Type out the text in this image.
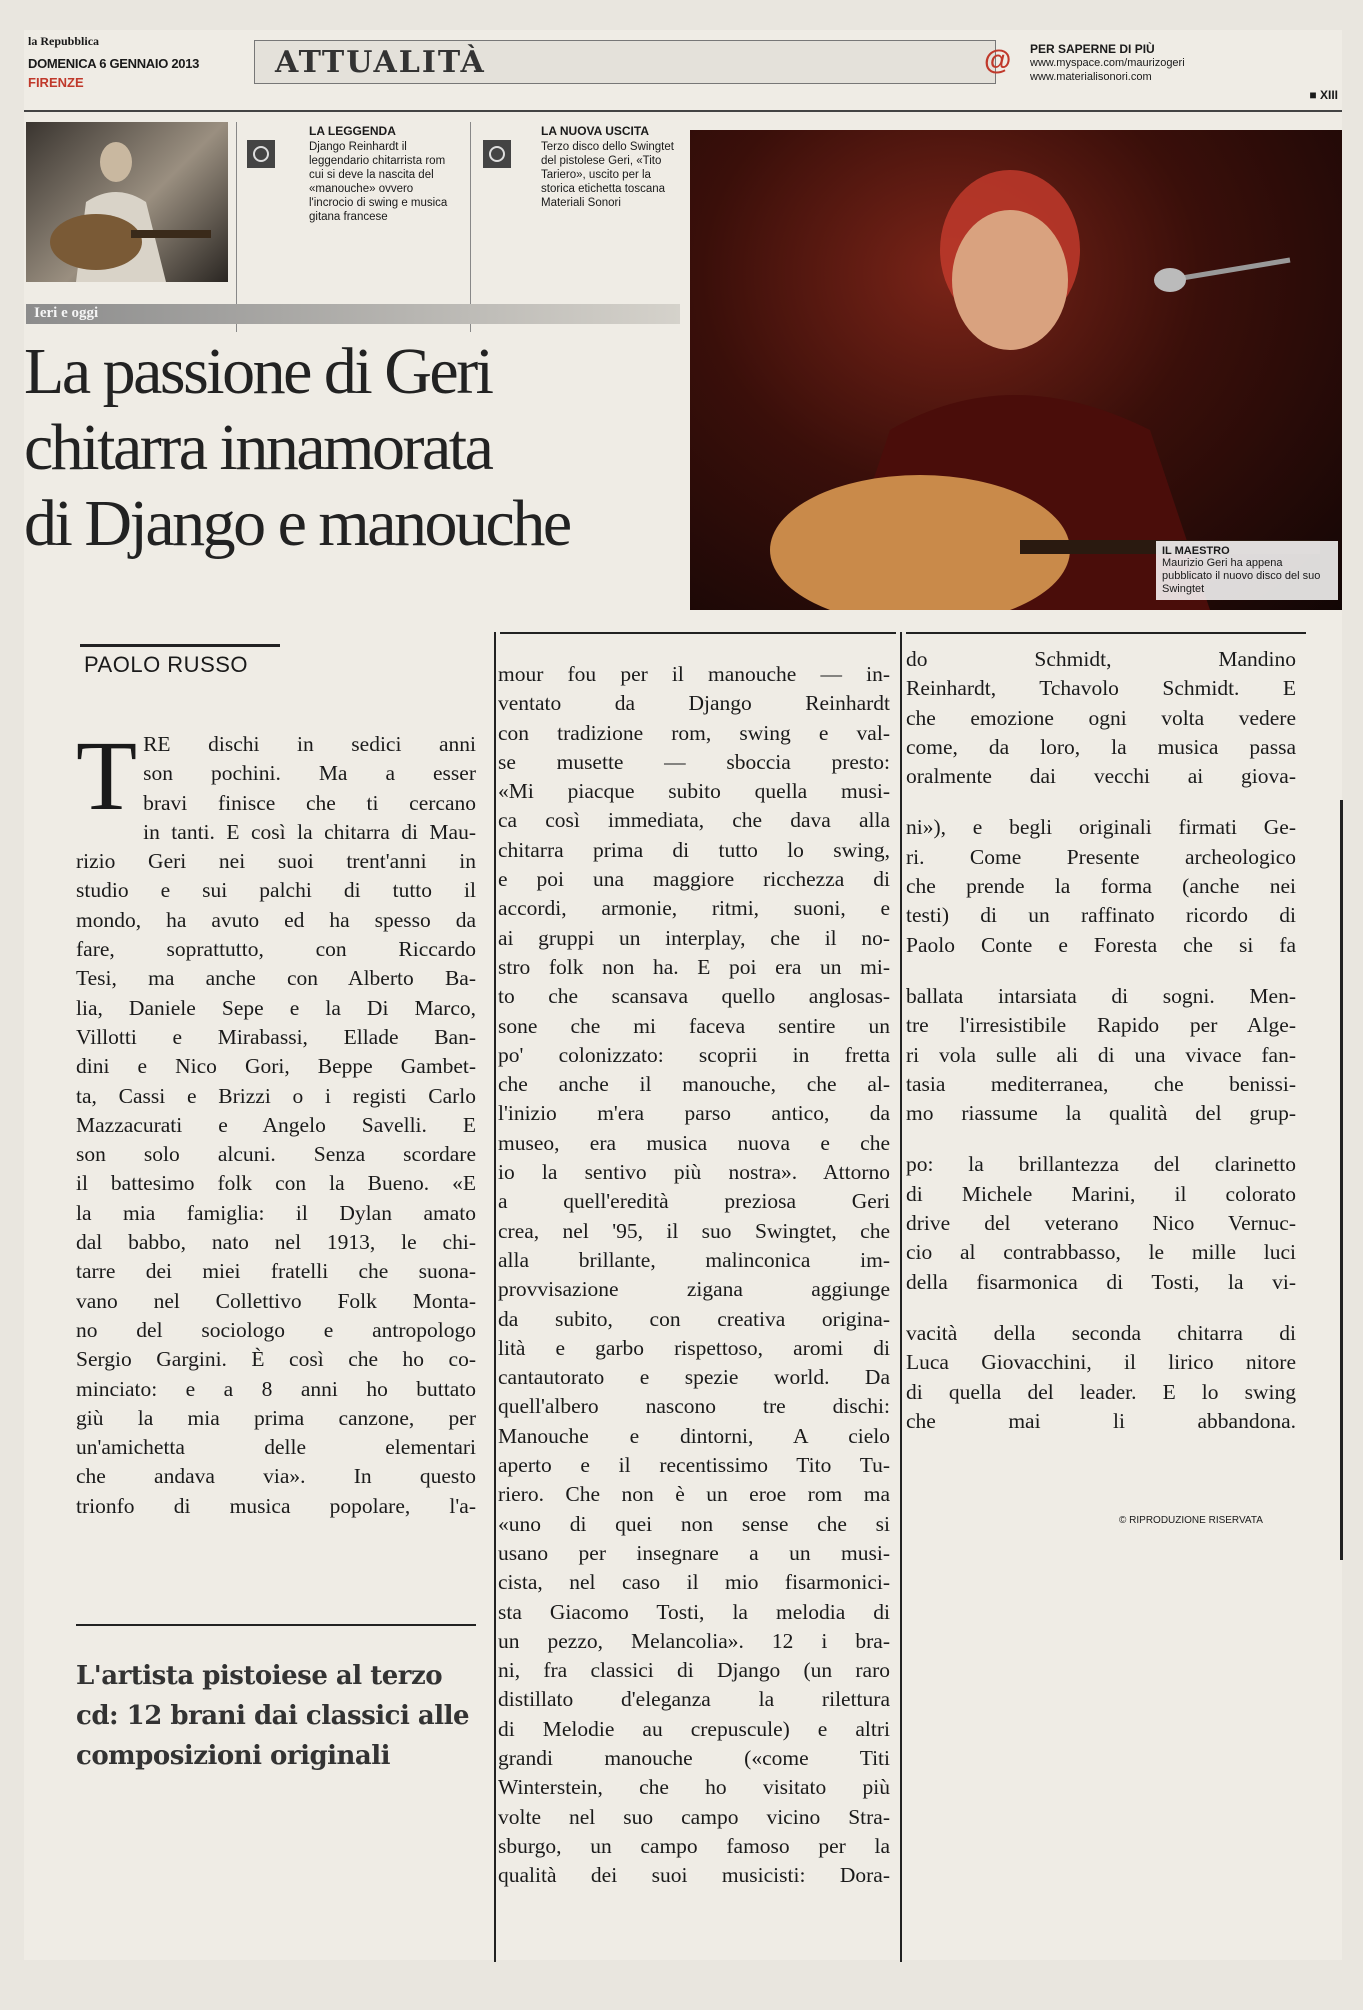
la Repubblica
DOMENICA 6 GENNAIO 2013
FIRENZE
ATTUALITÀ	@ PER SAPERNE DI PIÙ
www.myspace.com/maurizogeri
www.materialisonori.com
■ XIII
LA LEGGENDA
Django Reinhardt il leggendario chitarrista rom cui si deve la nascita del «manouche» ovvero l'incrocio di swing e musica gitana francese
LA NUOVA USCITA
Terzo disco dello Swingtet del pistolese Geri, «Tito Tariero», uscito per la storica etichetta toscana Materiali Sonori
IL MAESTRO
Maurizio Geri ha appena pubblicato il nuovo disco del suo Swingtet
Ieri e oggi
La passione di Geri
chitarra innamorata
di Django e manouche
PAOLO RUSSO
T RE dischi in sedici anni
son pochini. Ma a esser
bravi finisce che ti cercano
in tanti. E così la chitarra di Mau-
rizio Geri nei suoi trent'anni in
studio e sui palchi di tutto il
mondo, ha avuto ed ha spesso da
fare, soprattutto, con Riccardo
Tesi, ma anche con Alberto Ba-
lia, Daniele Sepe e la Di Marco,
Villotti e Mirabassi, Ellade Ban-
dini e Nico Gori, Beppe Gambet-
ta, Cassi e Brizzi o i registi Carlo
Mazzacurati e Angelo Savelli. E
son solo alcuni. Senza scordare
il battesimo folk con la Bueno. «E
la mia famiglia: il Dylan amato
dal babbo, nato nel 1913, le chi-
tarre dei miei fratelli che suona-
vano nel Collettivo Folk Monta-
no del sociologo e antropologo
Sergio Gargini. È così che ho co-
minciato: e a 8 anni ho buttato
giù la mia prima canzone, per
un'amichetta delle elementari
che andava via». In questo
trionfo di musica popolare, l'a-
L'artista pistoiese al terzo cd: 12 brani dai classici alle composizioni originali
mour fou per il manouche — in-
ventato da Django Reinhardt
con tradizione rom, swing e val-
se musette — sboccia presto:
«Mi piacque subito quella musi-
ca così immediata, che dava alla
chitarra prima di tutto lo swing,
e poi una maggiore ricchezza di
accordi, armonie, ritmi, suoni, e
ai gruppi un interplay, che il no-
stro folk non ha. E poi era un mi-
to che scansava quello anglosas-
sone che mi faceva sentire un
po' colonizzato: scoprii in fretta
che anche il manouche, che al-
l'inizio m'era parso antico, da
museo, era musica nuova e che
io la sentivo più nostra». Attorno
a quell'eredità preziosa Geri
crea, nel '95, il suo Swingtet, che
alla brillante, malinconica im-
provvisazione zigana aggiunge
da subito, con creativa origina-
lità e garbo rispettoso, aromi di
cantautorato e spezie world. Da
quell'albero nascono tre dischi:
Manouche e dintorni, A cielo
aperto e il recentissimo Tito Tu-
riero. Che non è un eroe rom ma
«uno di quei non sense che si
usano per insegnare a un musi-
cista, nel caso il mio fisarmonici-
sta Giacomo Tosti, la melodia di
un pezzo, Melancolia». 12 i bra-
ni, fra classici di Django (un raro
distillato d'eleganza la rilettura
di Melodie au crepuscule) e altri
grandi manouche («come Titi
Winterstein, che ho visitato più
volte nel suo campo vicino Stra-
sburgo, un campo famoso per la
qualità dei suoi musicisti: Dora-
do Schmidt, Mandino
Reinhardt, Tchavolo Schmidt. E
che emozione ogni volta vedere
come, da loro, la musica passa
oralmente dai vecchi ai giova-
ni»), e begli originali firmati Ge-
ri. Come Presente archeologico
che prende la forma (anche nei
testi) di un raffinato ricordo di
Paolo Conte e Foresta che si fa
ballata intarsiata di sogni. Men-
tre l'irresistibile Rapido per Alge-
ri vola sulle ali di una vivace fan-
tasia mediterranea, che benissi-
mo riassume la qualità del grup-
po: la brillantezza del clarinetto
di Michele Marini, il colorato
drive del veterano Nico Vernuc-
cio al contrabbasso, le mille luci
della fisarmonica di Tosti, la vi-
vacità della seconda chitarra di
Luca Giovacchini, il lirico nitore
di quella del leader. E lo swing
che mai li abbandona.
© RIPRODUZIONE RISERVATA
